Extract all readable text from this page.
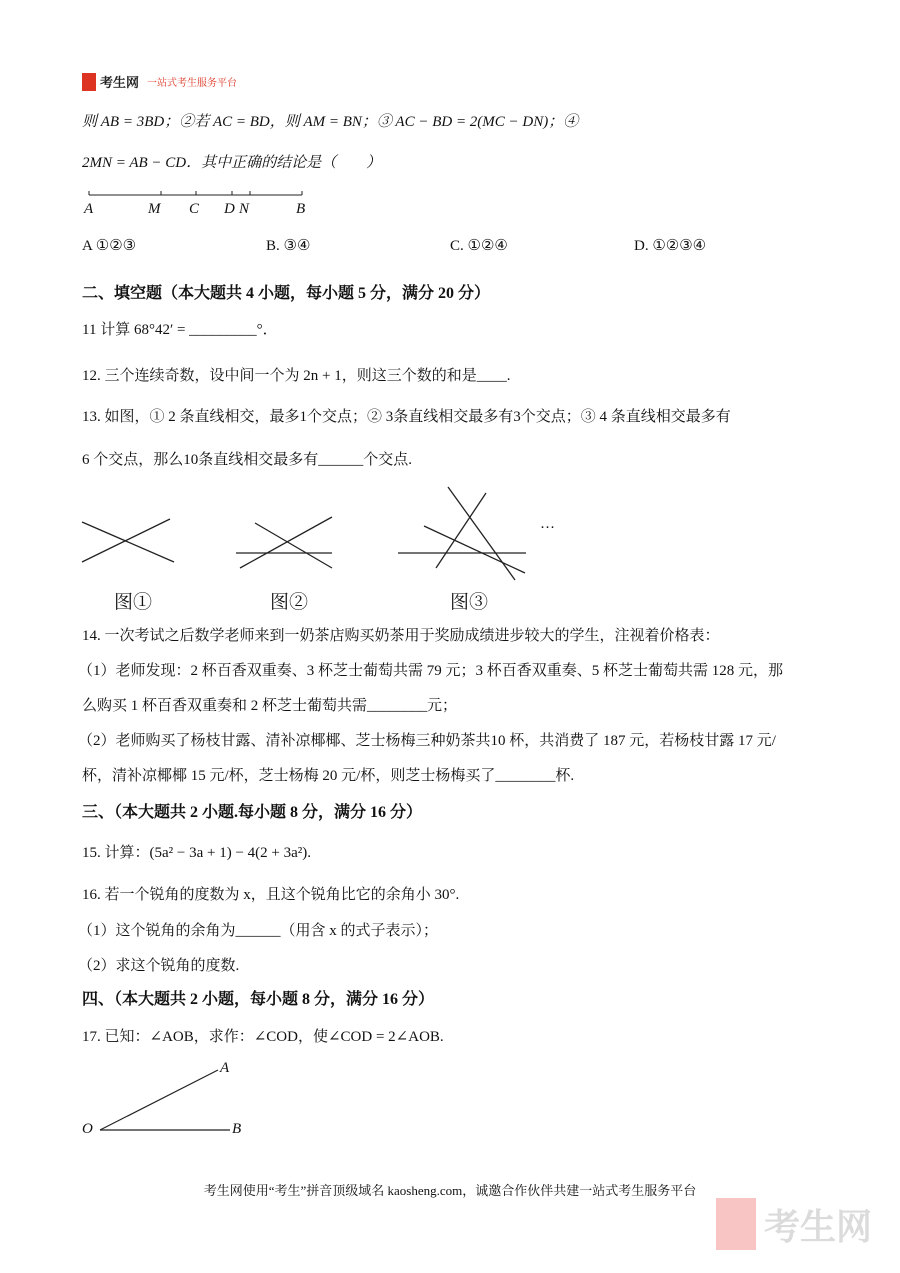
考生网 一站式考生服务平台
则 AB = 3BD；②若 AC = BD，则 AM = BN；③ AC − BD = 2(MC − DN)；④
2MN = AB − CD．其中正确的结论是（　　）
A	M C D N	B
A ①②③	B. ③④	C. ①②④	D. ①②③④
二、填空题（本大题共 4 小题，每小题 5 分，满分 20 分）
11 计算 68°42′ = _________°．
12. 三个连续奇数，设中间一个为 2n + 1，则这三个数的和是____.
13. 如图，① 2 条直线相交，最多1个交点；② 3条直线相交最多有3个交点；③ 4 条直线相交最多有
6 个交点，那么10条直线相交最多有______个交点.
···
图①	图②	图③
14. 一次考试之后数学老师来到一奶茶店购买奶茶用于奖励成绩进步较大的学生，注视着价格表：
（1）老师发现：2 杯百香双重奏、3 杯芝士葡萄共需 79 元；3 杯百香双重奏、5 杯芝士葡萄共需 128 元，那
么购买 1 杯百香双重奏和 2 杯芝士葡萄共需________元；
（2）老师购买了杨枝甘露、清补凉椰椰、芝士杨梅三种奶茶共10 杯，共消费了 187 元，若杨枝甘露 17 元/
杯，清补凉椰椰 15 元/杯，芝士杨梅 20 元/杯，则芝士杨梅买了________杯.
三、（本大题共 2 小题.每小题 8 分，满分 16 分）
15. 计算：(5a² − 3a + 1) − 4(2 + 3a²).
16. 若一个锐角的度数为 x，且这个锐角比它的余角小 30°.
（1）这个锐角的余角为______（用含 x 的式子表示）；
（2）求这个锐角的度数.
四、（本大题共 2 小题，每小题 8 分，满分 16 分）
17. 已知：∠AOB，求作：∠COD，使∠COD = 2∠AOB.
A
O	B
考生网使用“考生”拼音顶级域名 kaosheng.com，诚邀合作伙伴共建一站式考生服务平台
考生网
